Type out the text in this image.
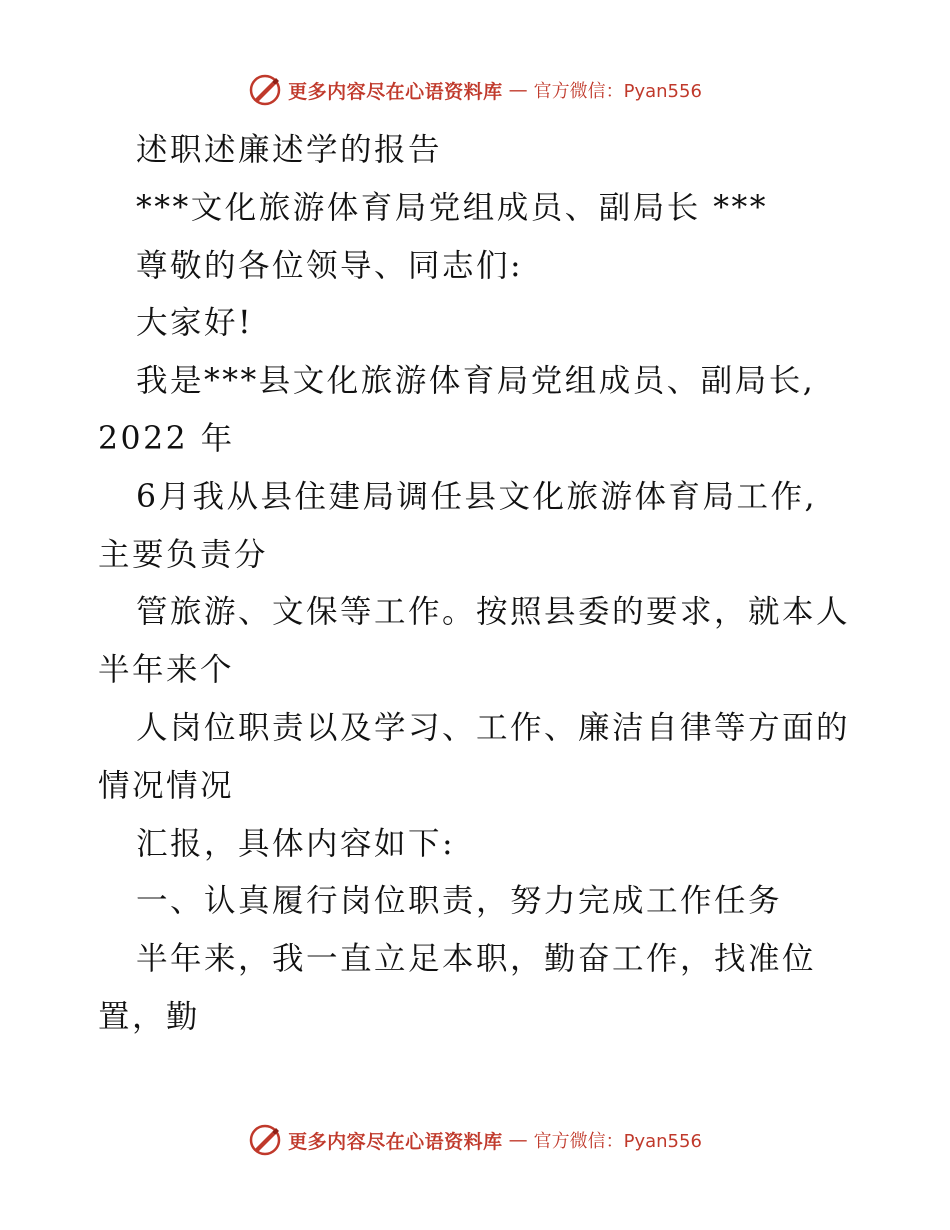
更多内容尽在心语资料库 — 官方微信：Pyan556
述职述廉述学的报告
***文化旅游体育局党组成员、副局长 ***
尊敬的各位领导、同志们:
大家好!
我是***县文化旅游体育局党组成员、副局长,
2022 年
6月我从县住建局调任县文化旅游体育局工作,
主要负责分
管旅游、文保等工作。按照县委的要求，就本人
半年来个
人岗位职责以及学习、工作、廉洁自律等方面的
情况情况
汇报，具体内容如下:
一、认真履行岗位职责，努力完成工作任务
半年来，我一直立足本职，勤奋工作，找准位
置，勤
更多内容尽在心语资料库 — 官方微信：Pyan556
